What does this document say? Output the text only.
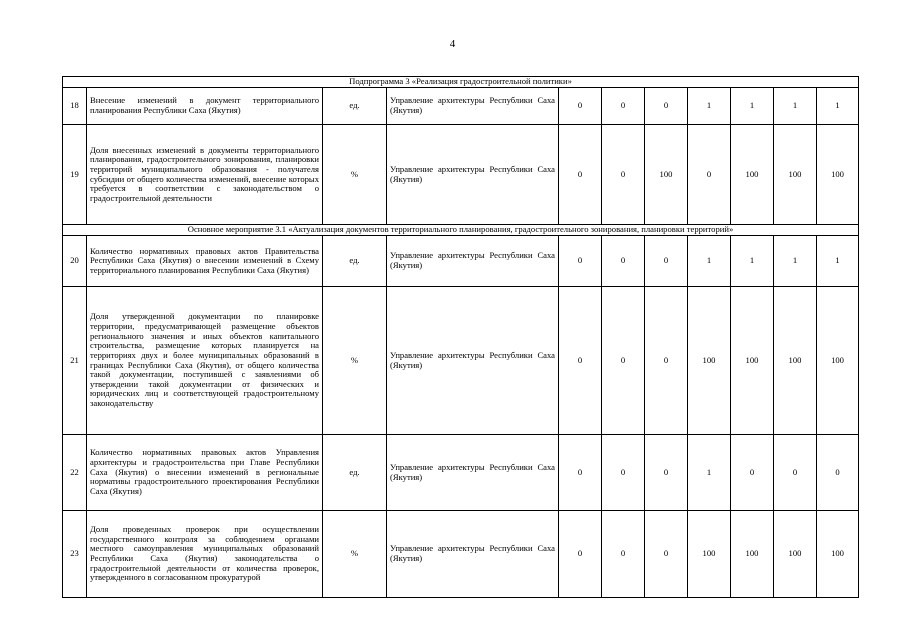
4
Подпрограмма 3 «Реализация градостроительной политики»										
18	Внесение изменений в документ территориального планирования Республики Саха (Якутия)	ед.	Управление архитектуры Республики Саха (Якутия)	0	0	0	1	1	1	1
19	Доля внесенных изменений в документы территориального планирования, градостроительного зонирования, планировки территорий муниципального образования - получателя субсидии от общего количества изменений, внесение которых требуется в соответствии с законодательством о градостроительной деятельности	%	Управление архитектуры Республики Саха (Якутия)	0	0	100	0	100	100	100
Основное мероприятие 3.1 «Актуализация документов территориального планирования, градостроительного зонирования, планировки территорий»										
20	Количество нормативных правовых актов Правительства Республики Саха (Якутия) о внесении изменений в Схему территориального планирования Республики Саха (Якутия)	ед.	Управление архитектуры Республики Саха (Якутия)	0	0	0	1	1	1	1
21	Доля утвержденной документации по планировке территории, предусматривающей размещение объектов регионального значения и иных объектов капитального строительства, размещение которых планируется на территориях двух и более муниципальных образований в границах Республики Саха (Якутия), от общего количества такой документации, поступившей с заявлениями об утверждении такой документации от физических и юридических лиц и соответствующей градостроительному законодательству	%	Управление архитектуры Республики Саха (Якутия)	0	0	0	100	100	100	100
22	Количество нормативных правовых актов Управления архитектуры и градостроительства при Главе Республики Саха (Якутия) о внесении изменений в региональные нормативы градостроительного проектирования Республики Саха (Якутия)	ед.	Управление архитектуры Республики Саха (Якутия)	0	0	0	1	0	0	0
23	Доля проведенных проверок при осуществлении государственного контроля за соблюдением органами местного самоуправления муниципальных образований Республики Саха (Якутия) законодательства о градостроительной деятельности от количества проверок, утвержденного в согласованном прокуратурой	%	Управление архитектуры Республики Саха (Якутия)	0	0	0	100	100	100	100
